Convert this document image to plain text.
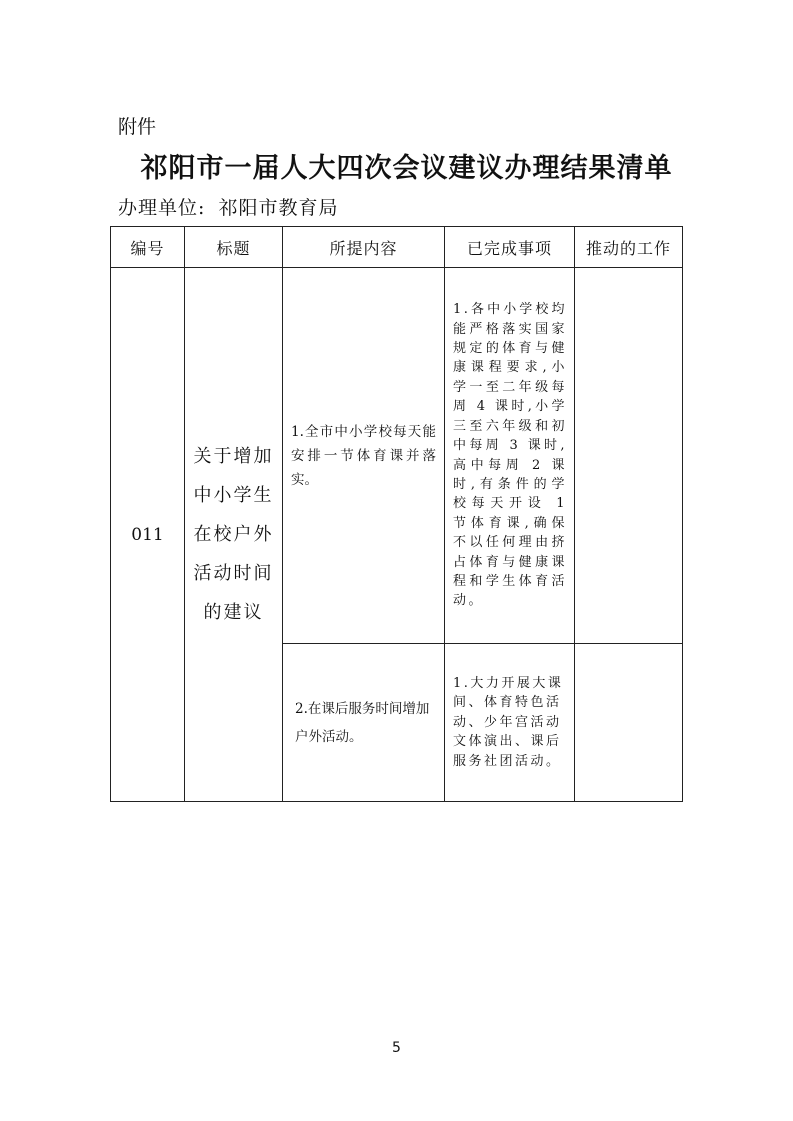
附件
祁阳市一届人大四次会议建议办理结果清单
办理单位: 祁阳市教育局
编号	标题	所提内容	已完成事项	推动的工作
011	关于增加中小学生在校户外活动时间的建议	1.全市中小学校每天能安排一节体育课并落实。	1.各中小学校均能严格落实国家规定的体育与健康课程要求,小学一至二年级每周 4 课时,小学三至六年级和初中每周 3 课时,高中每周 2 课时,有条件的学校每天开设 1 节体育课,确保不以任何理由挤占体育与健康课程和学生体育活动。	
		2.在课后服务时间增加户外活动。	1.大力开展大课间、体育特色活动、少年宫活动文体演出、课后服务社团活动。	
5
